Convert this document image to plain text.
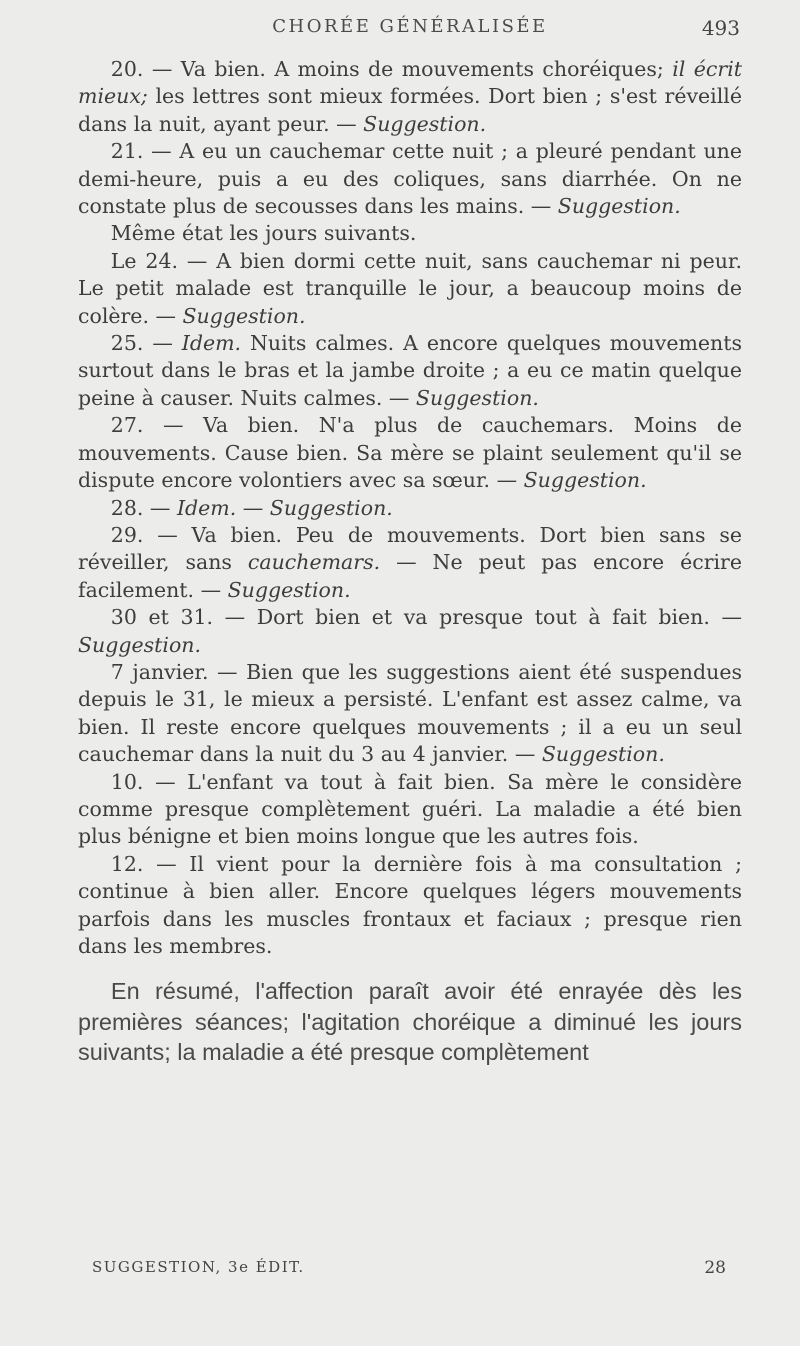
CHORÉE GÉNÉRALISÉE	493

20. — Va bien. A moins de mouvements choréiques; il écrit mieux; les lettres sont mieux formées. Dort bien ; s'est réveillé dans la nuit, ayant peur. — Suggestion.

21. — A eu un cauchemar cette nuit ; a pleuré pendant une demi-heure, puis a eu des coliques, sans diarrhée. On ne constate plus de secousses dans les mains. — Suggestion.

Même état les jours suivants.

Le 24. — A bien dormi cette nuit, sans cauchemar ni peur. Le petit malade est tranquille le jour, a beaucoup moins de colère. — Suggestion.

25. — Idem. Nuits calmes. A encore quelques mouvements surtout dans le bras et la jambe droite ; a eu ce matin quelque peine à causer. Nuits calmes. — Suggestion.

27. — Va bien. N'a plus de cauchemars. Moins de mouvements. Cause bien. Sa mère se plaint seulement qu'il se dispute encore volontiers avec sa sœur. — Suggestion.

28. — Idem. — Suggestion.

29. — Va bien. Peu de mouvements. Dort bien sans se réveiller, sans cauchemars. — Ne peut pas encore écrire facilement. — Suggestion.

30 et 31. — Dort bien et va presque tout à fait bien. — Suggestion.

7 janvier. — Bien que les suggestions aient été suspendues depuis le 31, le mieux a persisté. L'enfant est assez calme, va bien. Il reste encore quelques mouvements ; il a eu un seul cauchemar dans la nuit du 3 au 4 janvier. — Suggestion.

10. — L'enfant va tout à fait bien. Sa mère le considère comme presque complètement guéri. La maladie a été bien plus bénigne et bien moins longue que les autres fois.

12. — Il vient pour la dernière fois à ma consultation ; continue à bien aller. Encore quelques légers mouvements parfois dans les muscles frontaux et faciaux ; presque rien dans les membres.

En résumé, l'affection paraît avoir été enrayée dès les premières séances; l'agitation choréique a diminué les jours suivants; la maladie a été presque complètement

SUGGESTION, 3e ÉDIT.	28
